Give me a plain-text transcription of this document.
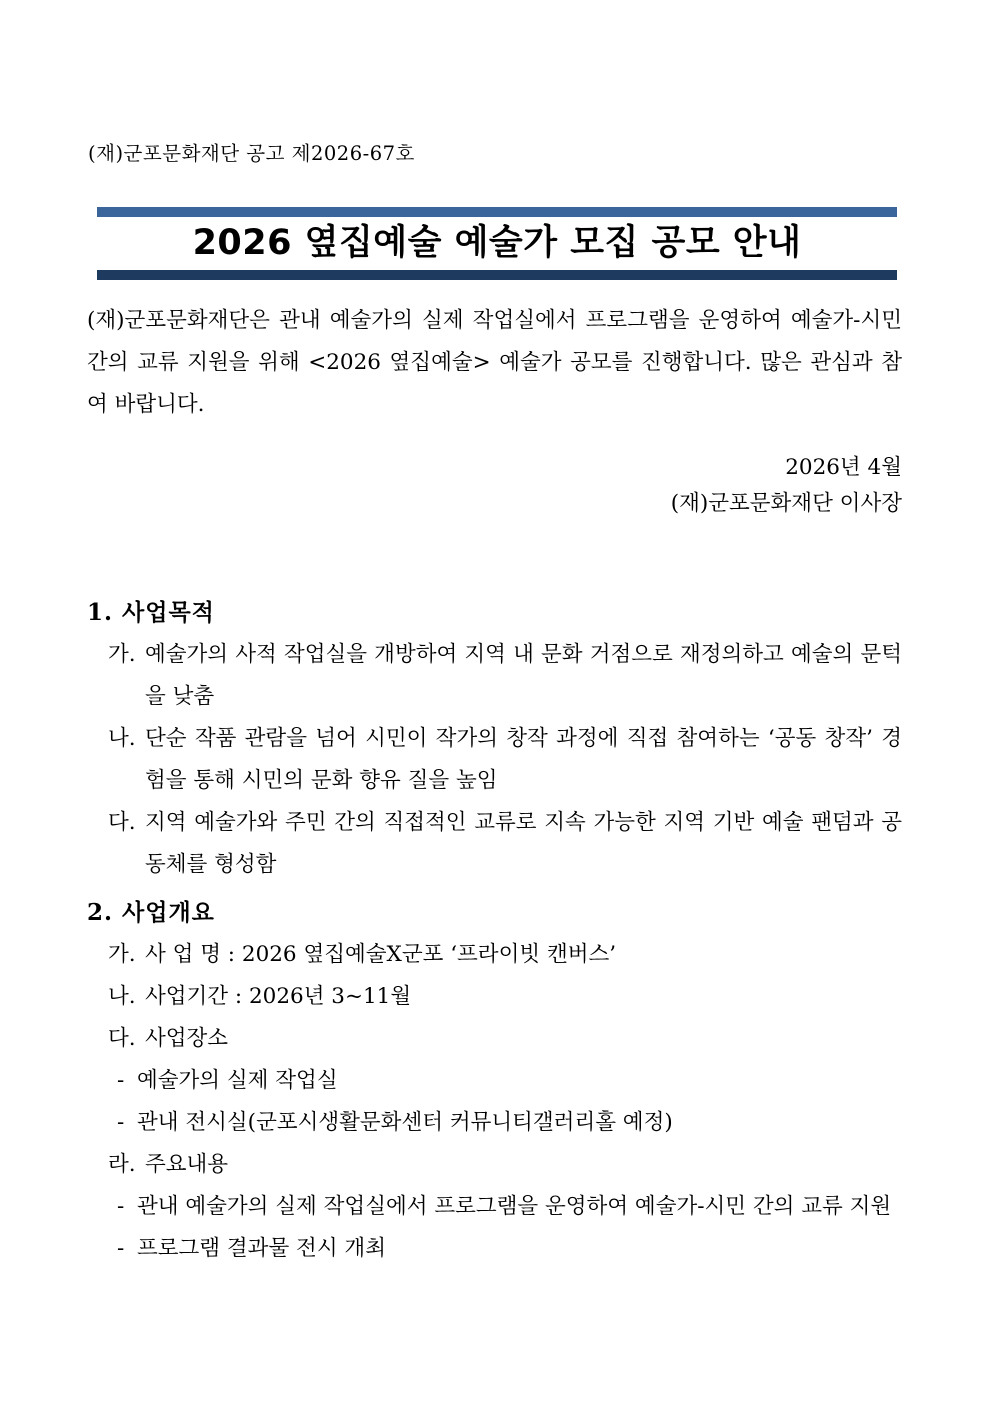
(재)군포문화재단 공고 제2026-67호
2026 옆집예술 예술가 모집 공모 안내

(재)군포문화재단은 관내 예술가의 실제 작업실에서 프로그램을 운영하여 예술가-시민 간의 교류 지원을 위해 <2026 옆집예술> 예술가 공모를 진행합니다. 많은 관심과 참여 바랍니다.

2026년 4월
(재)군포문화재단 이사장
1. 사업목적
가. 예술가의 사적 작업실을 개방하여 지역 내 문화 거점으로 재정의하고 예술의 문턱을 낮춤
나. 단순 작품 관람을 넘어 시민이 작가의 창작 과정에 직접 참여하는 ‘공동 창작’ 경험을 통해 시민의 문화 향유 질을 높임
다. 지역 예술가와 주민 간의 직접적인 교류로 지속 가능한 지역 기반 예술 팬덤과 공동체를 형성함
2. 사업개요
가. 사 업 명 : 2026 옆집예술X군포 ‘프라이빗 캔버스’
나. 사업기간 : 2026년 3~11월
다. 사업장소
- 예술가의 실제 작업실
- 관내 전시실(군포시생활문화센터 커뮤니티갤러리홀 예정)
라. 주요내용
- 관내 예술가의 실제 작업실에서 프로그램을 운영하여 예술가-시민 간의 교류 지원
- 프로그램 결과물 전시 개최
